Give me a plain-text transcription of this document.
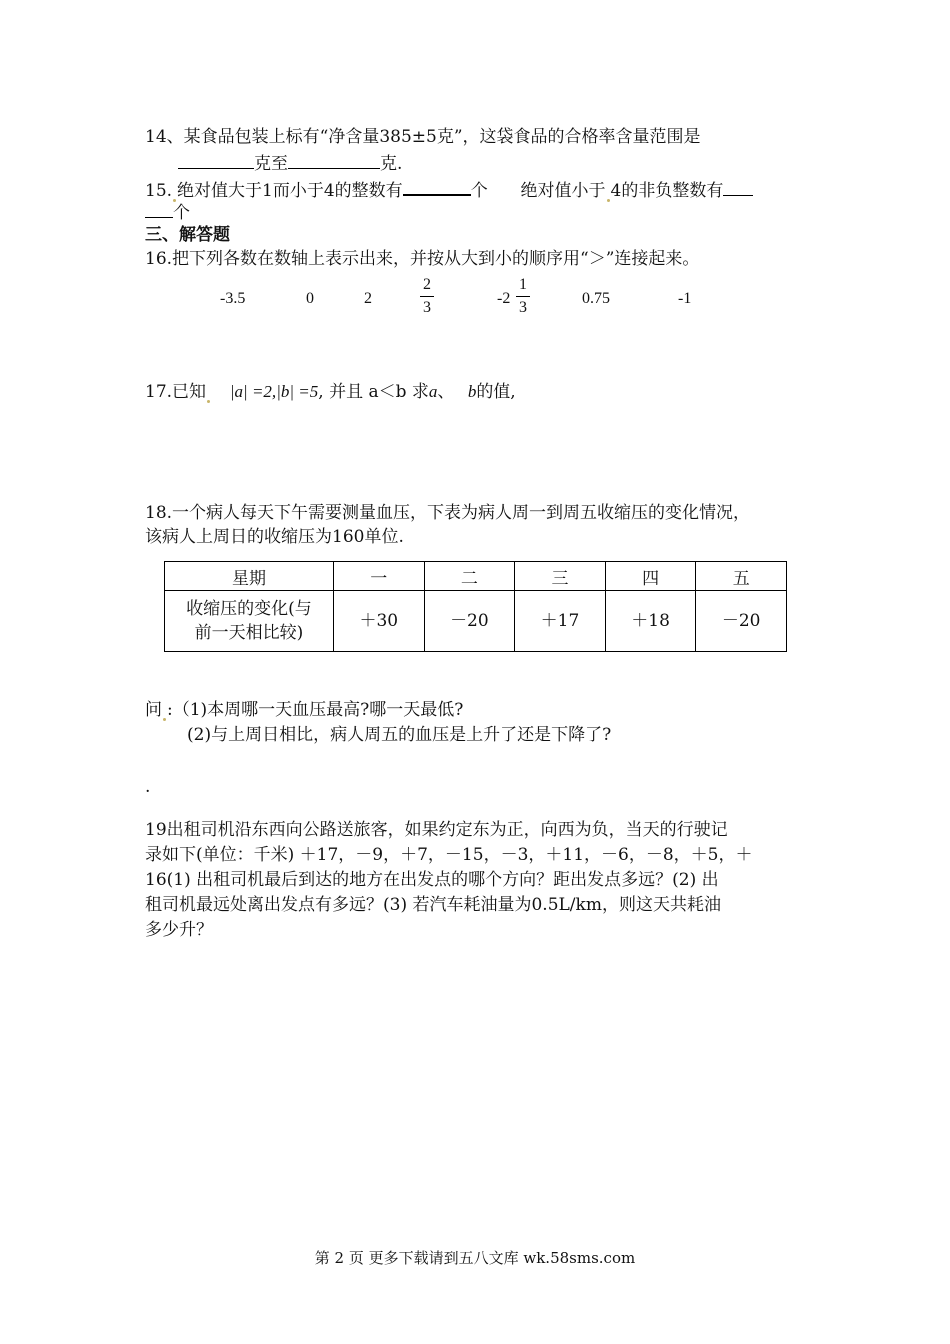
14、某食品包装上标有“净含量385±5克”，这袋食品的合格率含量范围是
克至	克.
15. 绝对值大于1而小于4的整数有	个 绝对值小于 4的非负整数有
个
三、解答题
16.把下列各数在数轴上表示出来，并按从大到小的顺序用“＞”连接起来。
-3.5	0	2
2
3
-2
1
3
0.75	-1
17.已知 |a| =2,|b| =5, 并且 a＜b 求a、 b的值,
18.一个病人每天下午需要测量血压，下表为病人周一到周五收缩压的变化情况，
该病人上周日的收缩压为160单位.
星期	一	二	三	四	五

收缩压的变化(与
前一天相比较)	＋30	－20	＋17	＋18	－20
问 :（1)本周哪一天血压最高?哪一天最低?
(2)与上周日相比，病人周五的血压是上升了还是下降了?
.
19出租司机沿东西向公路送旅客，如果约定东为正，向西为负，当天的行驶记
录如下(单位：千米) ＋17，－9，＋7，－15，－3，＋11，－6，－8，＋5，＋
16(1) 出租司机最后到达的地方在出发点的哪个方向？距出发点多远？(2) 出
租司机最远处离出发点有多远？(3) 若汽车耗油量为0.5L/km，则这天共耗油
多少升？
第 2 页 更多下载请到五八文库 wk.58sms.com
